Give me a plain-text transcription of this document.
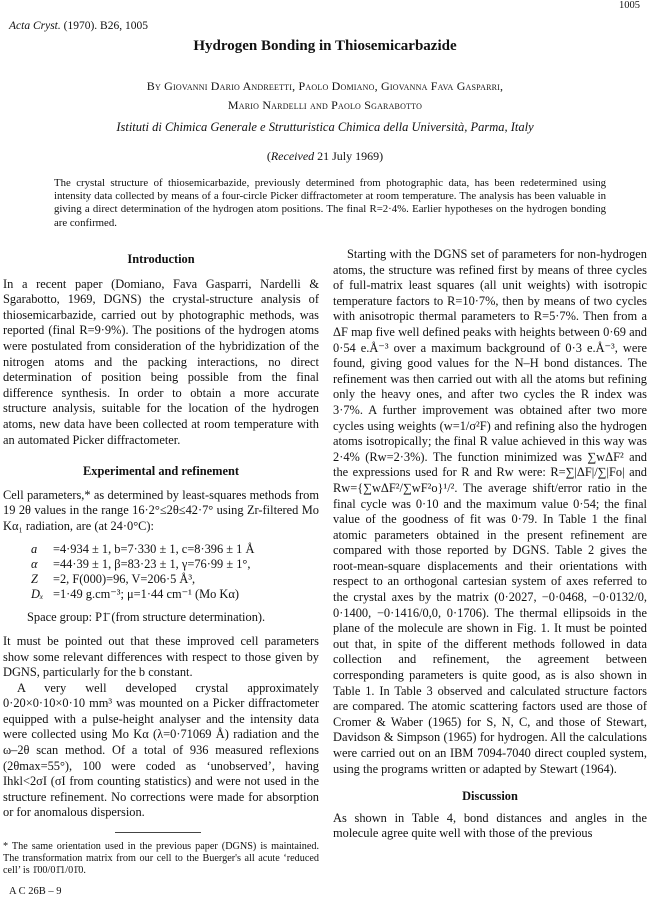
1005
Acta Cryst. (1970). B26, 1005
Hydrogen Bonding in Thiosemicarbazide
By Giovanni Dario Andreetti, Paolo Domiano, Giovanna Fava Gasparri,
Mario Nardelli and Paolo Sgarabotto
Istituti di Chimica Generale e Strutturistica Chimica della Università, Parma, Italy
(Received 21 July 1969)
The crystal structure of thiosemicarbazide, previously determined from photographic data, has been redetermined using intensity data collected by means of a four-circle Picker diffractometer at room temperature. The analysis has been valuable in giving a direct determination of the hydrogen atom positions. The final R=2·4%. Earlier hypotheses on the hydrogen bonding are confirmed.
Introduction

In a recent paper (Domiano, Fava Gasparri, Nardelli & Sgarabotto, 1969, DGNS) the crystal-structure analysis of thiosemicarbazide, carried out by photographic methods, was reported (final R=9·9%). The positions of the hydrogen atoms were postulated from consideration of the hybridization of the nitrogen atoms and the packing interactions, no direct determination of position being possible from the final difference synthesis. In order to obtain a more accurate structure analysis, suitable for the location of the hydrogen atoms, new data have been collected at room temperature with an automated Picker diffractometer.

Experimental and refinement

Cell parameters,* as determined by least-squares methods from 19 2θ values in the range 16·2°≤2θ≤42·7° using Zr-filtered Mo Kα₁ radiation, are (at 24·0°C):

a =4·934 ± 1, b=7·330 ± 1, c=8·396 ± 1 Å
α =44·39 ± 1, β=83·23 ± 1, γ=76·99 ± 1°,
Z =2, F(000)=96, V=206·5 Å³,
Dₓ =1·49 g.cm⁻³; μ=1·44 cm⁻¹ (Mo Kα)
Space group: P1̄ (from structure determination).

It must be pointed out that these improved cell parameters show some relevant differences with respect to those given by DGNS, particularly for the b constant.

A very well developed crystal approximately 0·20×0·10×0·10 mm³ was mounted on a Picker diffractometer equipped with a pulse-height analyser and the intensity data were collected using Mo Kα (λ=0·71069 Å) radiation and the ω–2θ scan method. Of a total of 936 measured reflexions (2θmax=55°), 100 were coded as ‘unobserved’, having Ihkl<2σI (σI from counting statistics) and were not used in the structure refinement. No corrections were made for absorption or for anomalous dispersion.

* The same orientation used in the previous paper (DGNS) is maintained. The transformation matrix from our cell to the Buerger's all acute ‘reduced cell’ is 1̄00/01̄1/01̄0.

Starting with the DGNS set of parameters for non-hydrogen atoms, the structure was refined first by means of three cycles of full-matrix least squares (all unit weights) with isotropic temperature factors to R=10·7%, then by means of two cycles with anisotropic thermal parameters to R=5·7%. Then from a ΔF map five well defined peaks with heights between 0·69 and 0·54 e.Å⁻³ over a maximum background of 0·3 e.Å⁻³, were found, giving good values for the N–H bond distances. The refinement was then carried out with all the atoms but refining only the heavy ones, and after two cycles the R index was 3·7%. A further improvement was obtained after two more cycles using weights (w=1/σ²F) and refining also the hydrogen atoms isotropically; the final R value achieved in this way was 2·4% (Rw=2·3%). The function minimized was ∑wΔF² and the expressions used for R and Rw were: R=∑|ΔF|/∑|Fo| and Rw={∑wΔF²/∑wF²o}¹/². The average shift/error ratio in the final cycle was 0·10 and the maximum value 0·54; the final value of the goodness of fit was 0·79. In Table 1 the final atomic parameters obtained in the present refinement are compared with those reported by DGNS. Table 2 gives the root-mean-square displacements and their orientations with respect to an orthogonal cartesian system of axes referred to the crystal axes by the matrix (0·2027, −0·0468, −0·0132/0, 0·1400, −0·1416/0,0, 0·1706). The thermal ellipsoids in the plane of the molecule are shown in Fig. 1. It must be pointed out that, in spite of the different methods followed in data collection and refinement, the agreement between corresponding parameters is quite good, as is also shown in Table 1. In Table 3 observed and calculated structure factors are compared. The atomic scattering factors used are those of Cromer & Waber (1965) for S, N, C, and those of Stewart, Davidson & Simpson (1965) for hydrogen. All the calculations were carried out on an IBM 7094-7040 direct coupled system, using the programs written or adapted by Stewart (1964).

Discussion

As shown in Table 4, bond distances and angles in the molecule agree quite well with those of the previous

A C 26B – 9
